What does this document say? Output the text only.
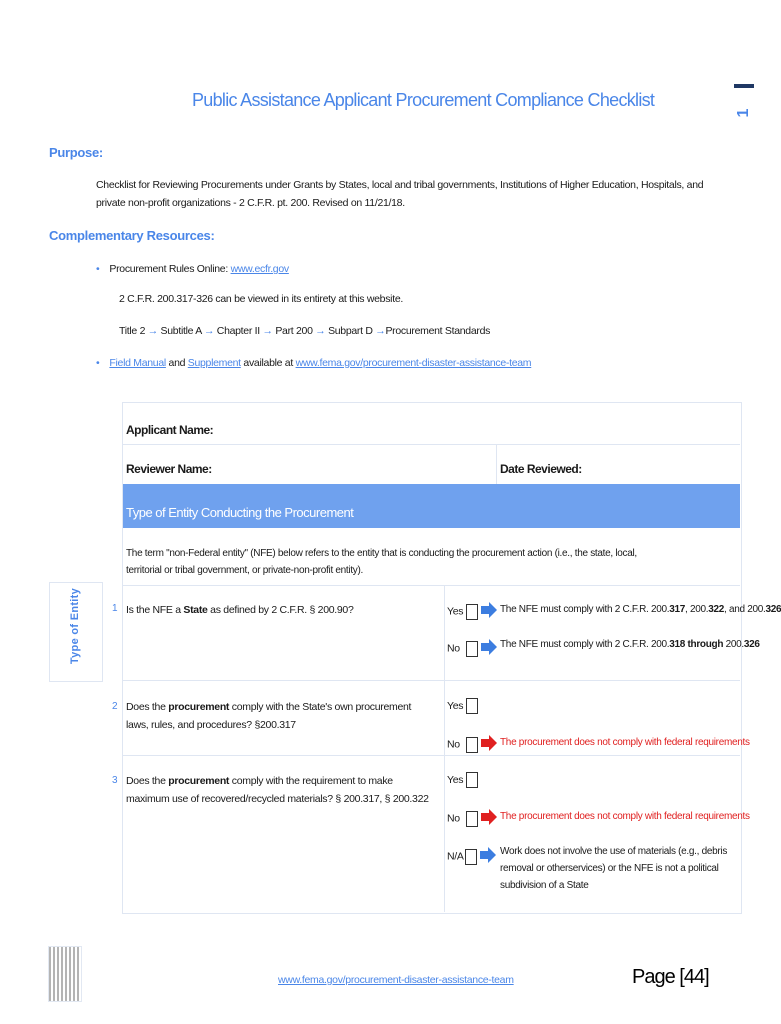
1
Public Assistance Applicant Procurement Compliance Checklist
Purpose:
Checklist for Reviewing Procurements under Grants by States, local and tribal governments, Institutions of Higher Education, Hospitals, and private non-profit organizations - 2 C.F.R. pt. 200. Revised on 11/21/18.
Complementary Resources:
• Procurement Rules Online: www.ecfr.gov
2 C.F.R. 200.317-326 can be viewed in its entirety at this website.
Title 2 → Subtitle A → Chapter II → Part 200 → Subpart D →Procurement Standards
• Field Manual and Supplement available at www.fema.gov/procurement-disaster-assistance-team
Applicant Name:
Reviewer Name:	Date Reviewed:
Type of Entity Conducting the Procurement
The term "non-Federal entity" (NFE) below refers to the entity that is conducting the procurement action (i.e., the state, local, territorial or tribal government, or private-non-profit entity).
Type of Entity	1 Is the NFE a State as defined by 2 C.F.R. § 200.90?	Yes	The NFE must comply with 2 C.F.R. 200.317, 200.322, and 200.326
No	The NFE must comply with 2 C.F.R. 200.318 through 200.326
2 Does the procurement comply with the State's own procurement laws, rules, and procedures? §200.317
Yes
No	The procurement does not comply with federal requirements
3 Does the procurement comply with the requirement to make maximum use of recovered/recycled materials? § 200.317, § 200.322
Yes
No	The procurement does not comply with federal requirements
N/A	Work does not involve the use of materials (e.g., debris removal or otherservices) or the NFE is not a political subdivision of a State
www.fema.gov/procurement-disaster-assistance-team	Page [44]
